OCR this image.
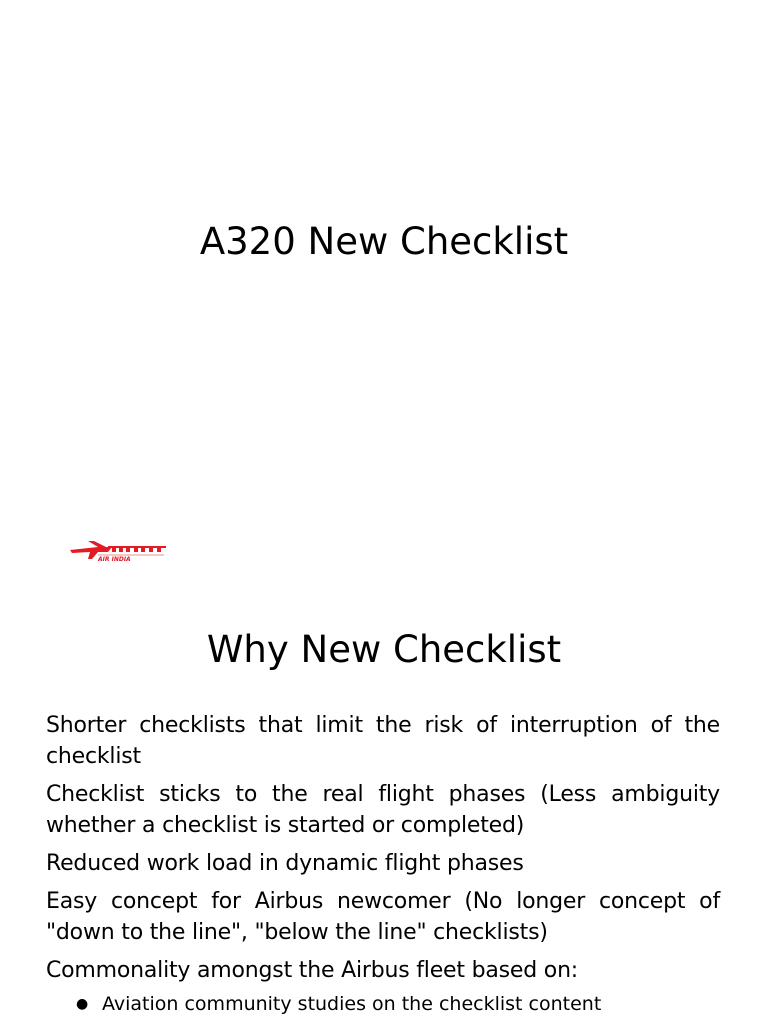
A320 New Checklist
AIR INDIA
Why New Checklist
Shorter checklists that limit the risk of interruption of the checklist
Checklist sticks to the real flight phases (Less ambiguity whether a checklist is started or completed)
Reduced work load in dynamic flight phases
Easy concept for Airbus newcomer (No longer concept of "down to the line", "below the line" checklists)
Commonality amongst the Airbus fleet based on:
● Aviation community studies on the checklist content
